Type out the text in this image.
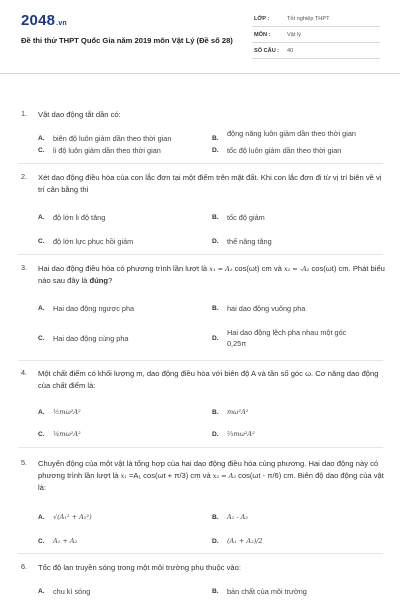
2048.vn
Đề thi thử THPT Quốc Gia năm 2019 môn Vật Lý (Đề số 28)
LỚP :	Tốt nghiệp THPT
MÔN :	Vật lý
SỐ CÂU : 40
1. Vật dao động tắt dần có:
A. biên độ luôn giảm dần theo thời gian	B.
động năng luôn giảm dần theo thời gian
C. li độ luôn giảm dần theo thời gian	D. tốc độ luôn giảm dần theo thời gian
2. Xét dao động điều hòa của con lắc đơn tại một điểm trên mặt đất. Khi con lắc đơn đi từ vị trí biên về vị trí cân bằng thì
A. độ lớn li độ tăng	B. tốc độ giảm
C. độ lớn lực phục hồi giảm	D. thế năng tăng
3. Hai dao động điều hòa có phương trình lần lượt là x₁ = A₁ cos(ωt) cm và x₂ = -A₂ cos(ωt) cm. Phát biểu nào sau đây là đúng?
A. Hai dao động ngược pha	B. hai dao động vuông pha
C. Hai dao động cùng pha	D.
Hai dao động lệch pha nhau một góc 0,25π
4. Một chất điểm có khối lượng m, dao động điều hòa với biên độ A và tần số góc ω. Cơ năng dao động của chất điểm là:
A. ½mω²A²	B. mω²A²
C. ¼mω²A²	D. ⅔mω²A²
5. Chuyển động của một vật là tổng hợp của hai dao động điều hòa cùng phương. Hai dao động này có phương trình lần lượt là x₁ =A₁ cos(ωt + π/3) cm và x₂ = A₂ cos(ωt - π/6) cm. Biên độ dao động của vật là:
A. √(A₁² + A₂²)	B. A₁ - A₂
C. A₁ + A₂	D. (A₁ + A₂)/2
6. Tốc độ lan truyền sóng trong một môi trường phụ thuộc vào:
A. chu kì sóng	B. bản chất của môi trường
